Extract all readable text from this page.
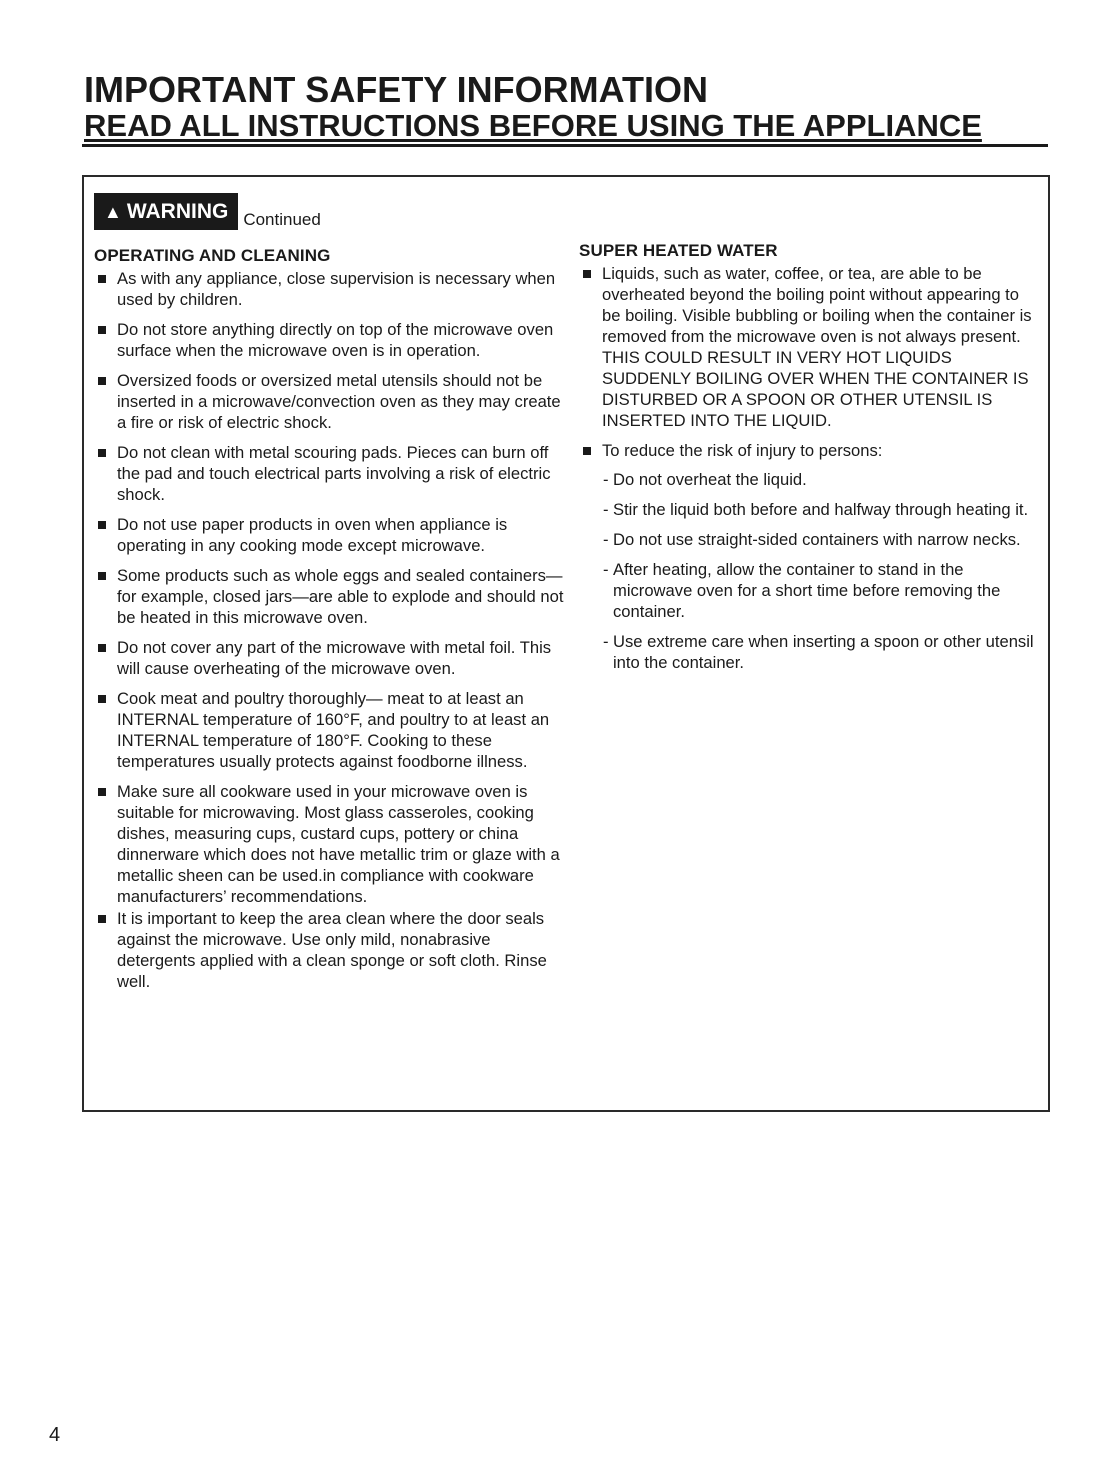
IMPORTANT SAFETY INFORMATION
READ ALL INSTRUCTIONS BEFORE USING THE APPLIANCE
▲ WARNING Continued

OPERATING AND CLEANING

As with any appliance, close supervision is necessary when used by children.
Do not store anything directly on top of the microwave oven surface when the microwave oven is in operation.
Oversized foods or oversized metal utensils should not be inserted in a microwave/convection oven as they may create a fire or risk of electric shock.
Do not clean with metal scouring pads. Pieces can burn off the pad and touch electrical parts involving a risk of electric shock.
Do not use paper products in oven when appliance is operating in any cooking mode except microwave.
Some products such as whole eggs and sealed containers—for example, closed jars—are able to explode and should not be heated in this microwave oven.
Do not cover any part of the microwave with metal foil. This will cause overheating of the microwave oven.
Cook meat and poultry thoroughly— meat to at least an INTERNAL temperature of 160°F, and poultry to at least an INTERNAL temperature of 180°F. Cooking to these temperatures usually protects against foodborne illness.
Make sure all cookware used in your microwave oven is suitable for microwaving. Most glass casseroles, cooking dishes, measuring cups, custard cups, pottery or china dinnerware which does not have metallic trim or glaze with a metallic sheen can be used.in compliance with cookware manufacturers’ recommendations.
It is important to keep the area clean where the door seals against the microwave. Use only mild, nonabrasive detergents applied with a clean sponge or soft cloth. Rinse well.

SUPER HEATED WATER

Liquids, such as water, coffee, or tea, are able to be overheated beyond the boiling point without appearing to be boiling. Visible bubbling or boiling when the container is removed from the microwave oven is not always present. THIS COULD RESULT IN VERY HOT LIQUIDS SUDDENLY BOILING OVER WHEN THE CONTAINER IS DISTURBED OR A SPOON OR OTHER UTENSIL IS INSERTED INTO THE LIQUID.
To reduce the risk of injury to persons:
- Do not overheat the liquid.
- Stir the liquid both before and halfway through heating it.
- Do not use straight-sided containers with narrow necks.
- After heating, allow the container to stand in the microwave oven for a short time before removing the container.
- Use extreme care when inserting a spoon or other utensil into the container.
4
